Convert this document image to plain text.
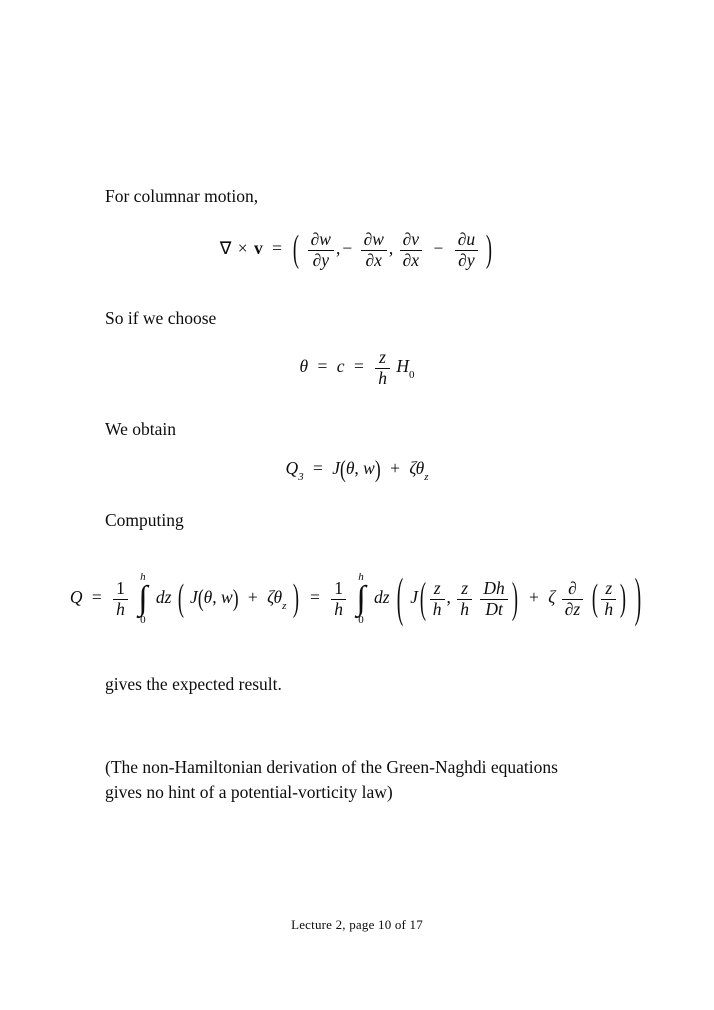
For columnar motion,
∇ × v = ( $\frac{\partial w}{\partial y}$ , − $\frac{\partial w}{\partial x}$ , $\frac{\partial v}{\partial x} - \frac{\partial u}{\partial y}$ )
So if we choose
$\theta = c = \frac{z}{h} H_0$
We obtain
$Q_3 = J(\theta$, $w) + \zeta\theta_z$
Computing
$Q = \frac{1}{h}$

h
∫
0
dz ( J(θ, $w) + \zeta\theta_z$ ) = $\frac{1}{h}$

h
∫
0
dz ( J ( $\frac{z}{h}$ , $\frac{z}{h}$
$\frac{Dh}{Dt}$ ) + ζ ∂
∂z ( $\frac{z}{h}$ ) )
gives the expected result.
(The non-Hamiltonian derivation of the Green-Naghdi equations
gives no hint of a potential-vorticity law)
Lecture 2, page 10 of 17
